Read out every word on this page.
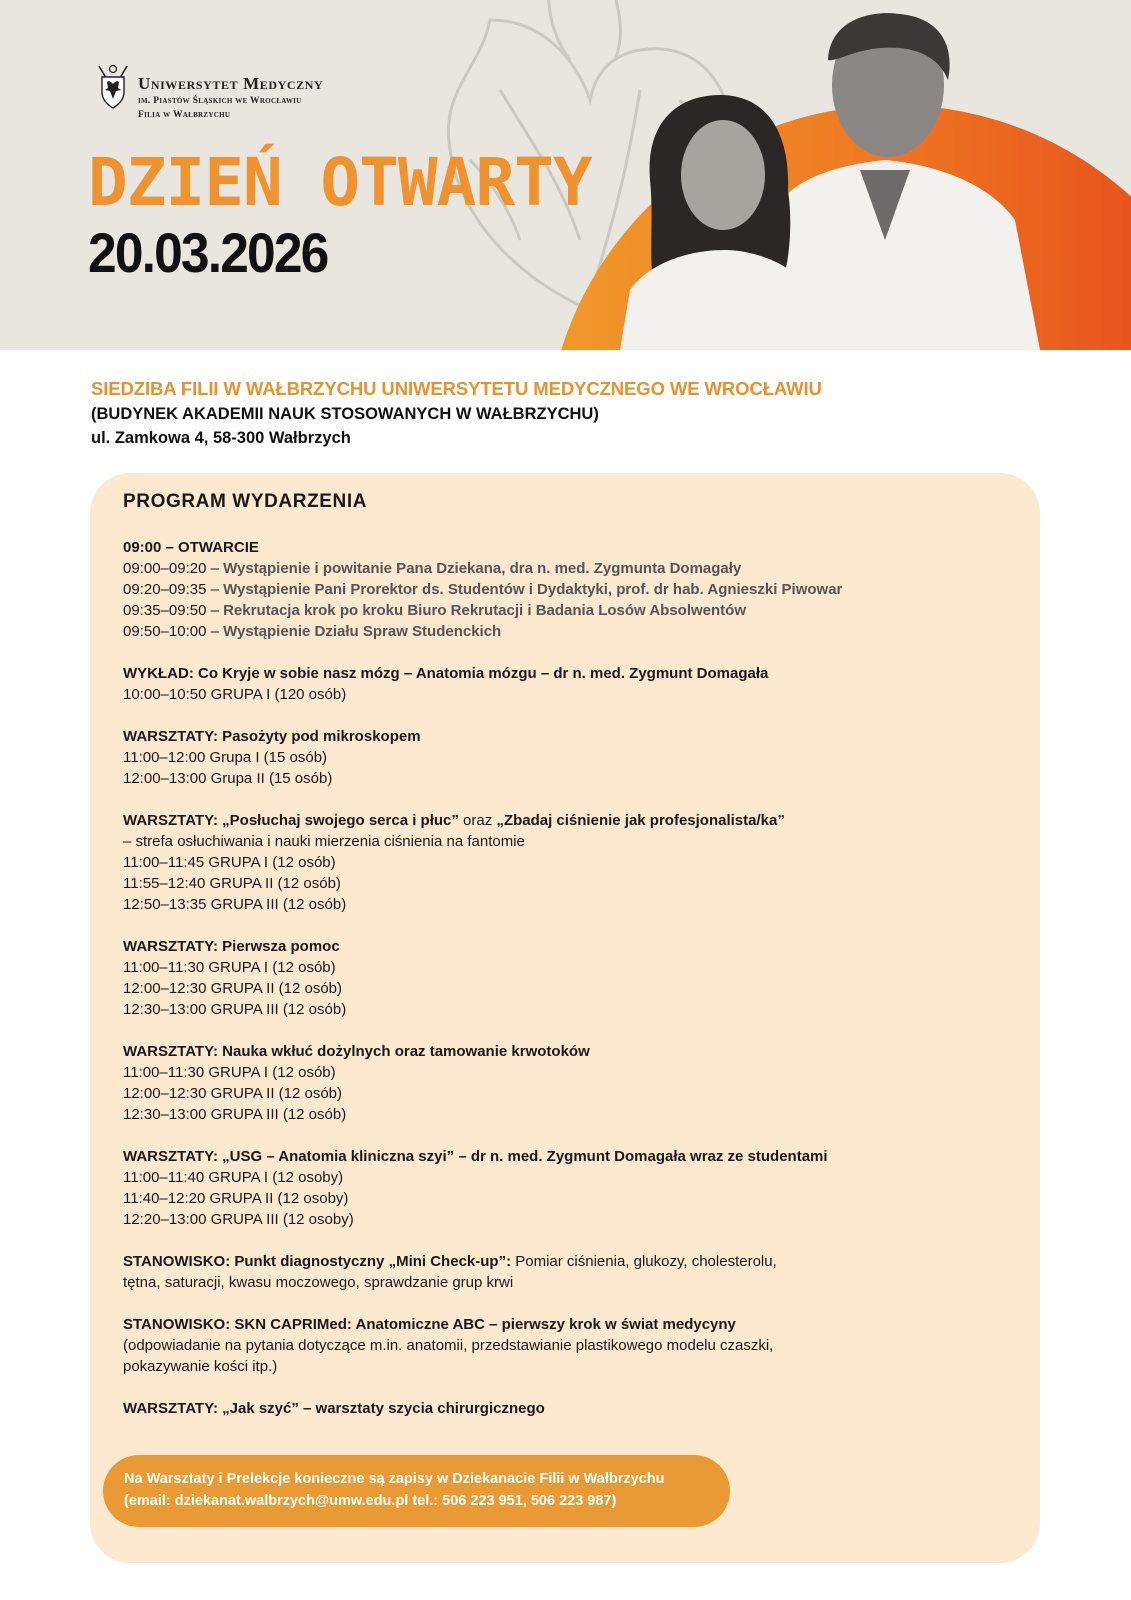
Uniwersytet Medyczny
im. Piastów Śląskich we Wrocławiu
Filia w Wałbrzychu
DZIEŃ OTWARTY
20.03.2026
SIEDZIBA FILII W WAŁBRZYCHU UNIWERSYTETU MEDYCZNEGO WE WROCŁAWIU
(BUDYNEK AKADEMII NAUK STOSOWANYCH W WAŁBRZYCHU)
ul. Zamkowa 4, 58-300 Wałbrzych
PROGRAM WYDARZENIA
09:00 – OTWARCIE
09:00–09:20 – Wystąpienie i powitanie Pana Dziekana, dra n. med. Zygmunta Domagały
09:20–09:35 – Wystąpienie Pani Prorektor ds. Studentów i Dydaktyki, prof. dr hab. Agnieszki Piwowar
09:35–09:50 – Rekrutacja krok po kroku Biuro Rekrutacji i Badania Losów Absolwentów
09:50–10:00 – Wystąpienie Działu Spraw Studenckich
WYKŁAD: Co Kryje w sobie nasz mózg – Anatomia mózgu – dr n. med. Zygmunt Domagała
10:00–10:50 GRUPA I (120 osób)
WARSZTATY: Pasożyty pod mikroskopem
11:00–12:00 Grupa I (15 osób)
12:00–13:00 Grupa II (15 osób)
WARSZTATY: „Posłuchaj swojego serca i płuc” oraz „Zbadaj ciśnienie jak profesjonalista/ka”
– strefa osłuchiwania i nauki mierzenia ciśnienia na fantomie
11:00–11:45 GRUPA I (12 osób)
11:55–12:40 GRUPA II (12 osób)
12:50–13:35 GRUPA III (12 osób)
WARSZTATY: Pierwsza pomoc
11:00–11:30 GRUPA I (12 osób)
12:00–12:30 GRUPA II (12 osób)
12:30–13:00 GRUPA III (12 osób)
WARSZTATY: Nauka wkłuć dożylnych oraz tamowanie krwotoków
11:00–11:30 GRUPA I (12 osób)
12:00–12:30 GRUPA II (12 osób)
12:30–13:00 GRUPA III (12 osób)
WARSZTATY: „USG – Anatomia kliniczna szyi” – dr n. med. Zygmunt Domagała wraz ze studentami
11:00–11:40 GRUPA I (12 osoby)
11:40–12:20 GRUPA II (12 osoby)
12:20–13:00 GRUPA III (12 osoby)
STANOWISKO: Punkt diagnostyczny „Mini Check-up”: Pomiar ciśnienia, glukozy, cholesterolu,
tętna, saturacji, kwasu moczowego, sprawdzanie grup krwi
STANOWISKO: SKN CAPRIMed: Anatomiczne ABC – pierwszy krok w świat medycyny
(odpowiadanie na pytania dotyczące m.in. anatomii, przedstawianie plastikowego modelu czaszki,
pokazywanie kości itp.)
WARSZTATY: „Jak szyć” – warsztaty szycia chirurgicznego
Na Warsztaty i Prelekcje konieczne są zapisy w Dziekanacie Filii w Wałbrzychu
(email: dziekanat.walbrzych@umw.edu.pl tel.: 506 223 951, 506 223 987)
